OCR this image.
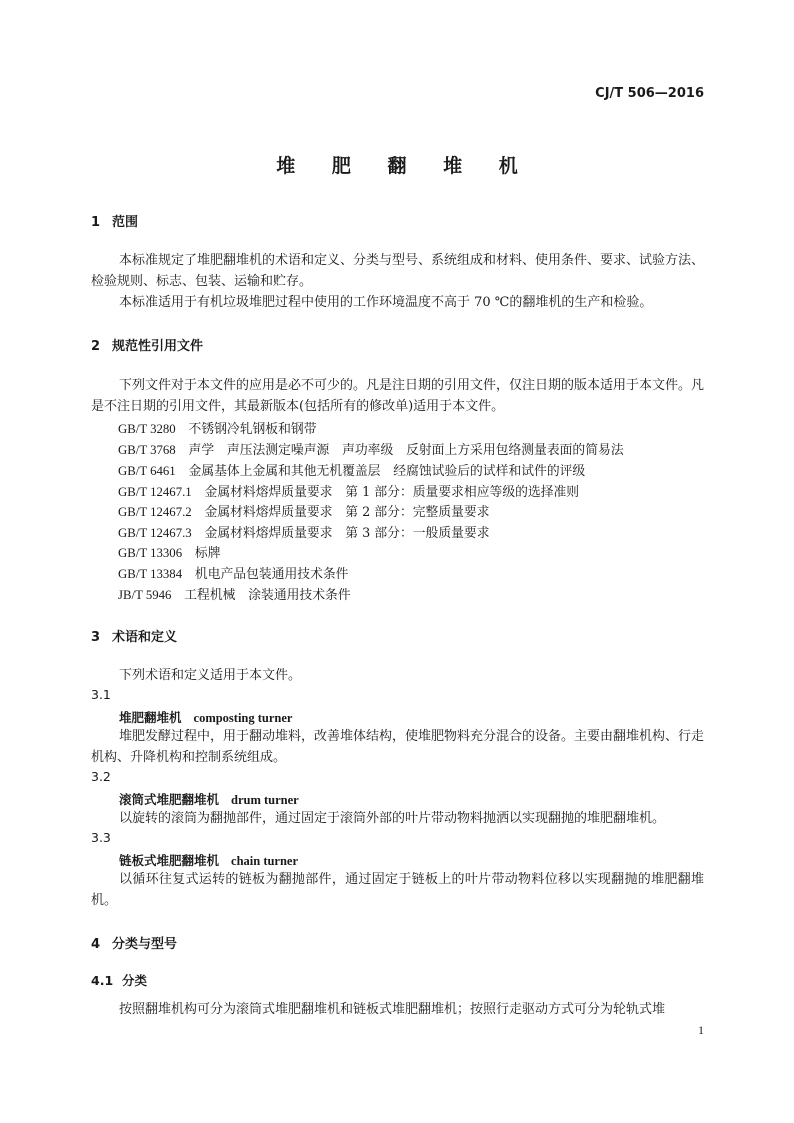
CJ/T 506—2016
堆 肥 翻 堆 机
1 范围
本标准规定了堆肥翻堆机的术语和定义、分类与型号、系统组成和材料、使用条件、要求、试验方法、检验规则、标志、包装、运输和贮存。
本标准适用于有机垃圾堆肥过程中使用的工作环境温度不高于 70 ℃的翻堆机的生产和检验。
2 规范性引用文件
下列文件对于本文件的应用是必不可少的。凡是注日期的引用文件，仅注日期的版本适用于本文件。凡是不注日期的引用文件，其最新版本(包括所有的修改单)适用于本文件。
GB/T 3280　 不锈钢冷轧钢板和钢带
GB/T 3768　 声学　声压法测定噪声源　声功率级　反射面上方采用包络测量表面的简易法
GB/T 6461　 金属基体上金属和其他无机覆盖层　经腐蚀试验后的试样和试件的评级
GB/T 12467.1　 金属材料熔焊质量要求　第 1 部分：质量要求相应等级的选择准则
GB/T 12467.2　 金属材料熔焊质量要求　第 2 部分：完整质量要求
GB/T 12467.3　 金属材料熔焊质量要求　第 3 部分：一般质量要求
GB/T 13306　 标牌
GB/T 13384　 机电产品包装通用技术条件
JB/T 5946　 工程机械　涂装通用技术条件
3 术语和定义
下列术语和定义适用于本文件。
3.1
堆肥翻堆机 composting turner
堆肥发酵过程中，用于翻动堆料，改善堆体结构，使堆肥物料充分混合的设备。主要由翻堆机构、行走机构、升降机构和控制系统组成。
3.2
滚筒式堆肥翻堆机 drum turner
以旋转的滚筒为翻抛部件，通过固定于滚筒外部的叶片带动物料抛洒以实现翻抛的堆肥翻堆机。
3.3
链板式堆肥翻堆机 chain turner
以循环往复式运转的链板为翻抛部件，通过固定于链板上的叶片带动物料位移以实现翻抛的堆肥翻堆机。
4 分类与型号
4.1 分类
按照翻堆机构可分为滚筒式堆肥翻堆机和链板式堆肥翻堆机；按照行走驱动方式可分为轮轨式堆
1
